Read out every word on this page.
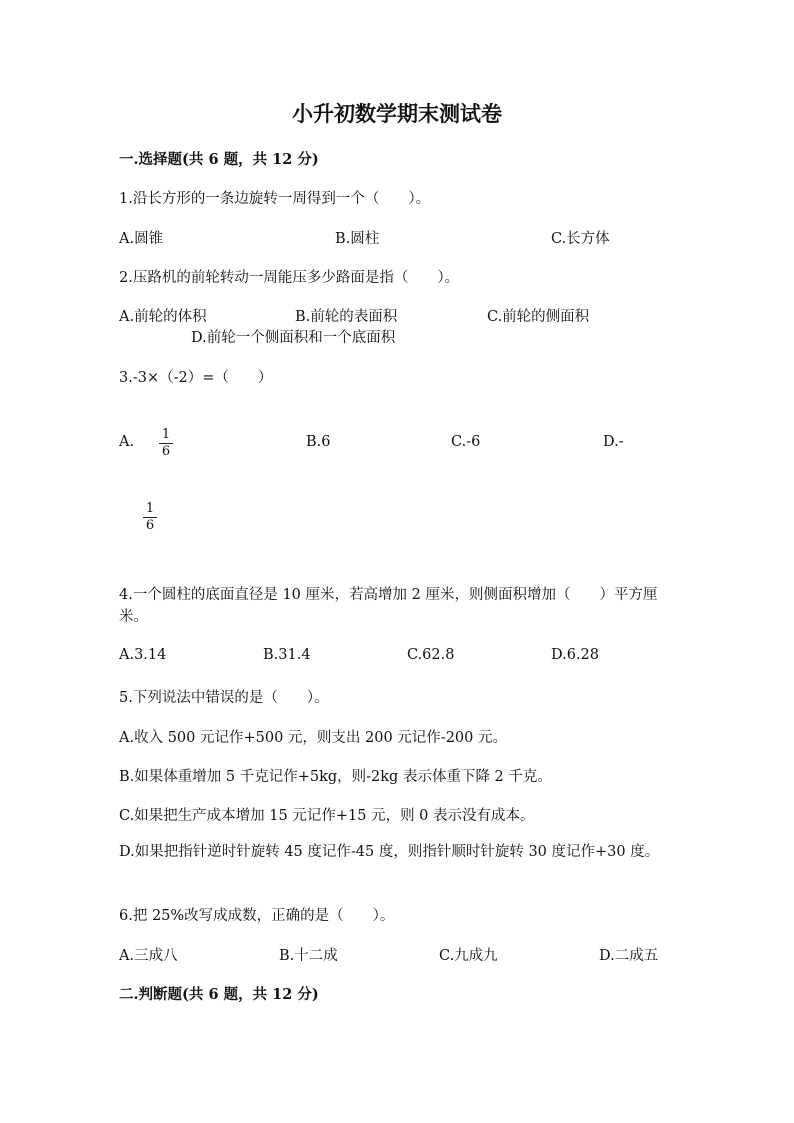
小升初数学期末测试卷
一.选择题(共 6 题，共 12 分)
1.沿长方形的一条边旋转一周得到一个（　　）。
A.圆锥	B.圆柱	C.长方体
2.压路机的前轮转动一周能压多少路面是指（　　）。
A.前轮的体积	B.前轮的表面积	C.前轮的侧面积
D.前轮一个侧面积和一个底面积
3.-3×（-2）=（　　）
A. 1
6
B.6	C.-6	D.-
1
6
4.一个圆柱的底面直径是 10 厘米，若高增加 2 厘米，则侧面积增加（　　）平方厘米。
A.3.14	B.31.4	C.62.8	D.6.28
5.下列说法中错误的是（　　）。
A.收入 500 元记作+500 元，则支出 200 元记作-200 元。
B.如果体重增加 5 千克记作+5kg，则-2kg 表示体重下降 2 千克。
C.如果把生产成本增加 15 元记作+15 元，则 0 表示没有成本。
D.如果把指针逆时针旋转 45 度记作-45 度，则指针顺时针旋转 30 度记作+30 度。
6.把 25%改写成成数，正确的是（　　）。
A.三成八	B.十二成	C.九成九	D.二成五
二.判断题(共 6 题，共 12 分)
